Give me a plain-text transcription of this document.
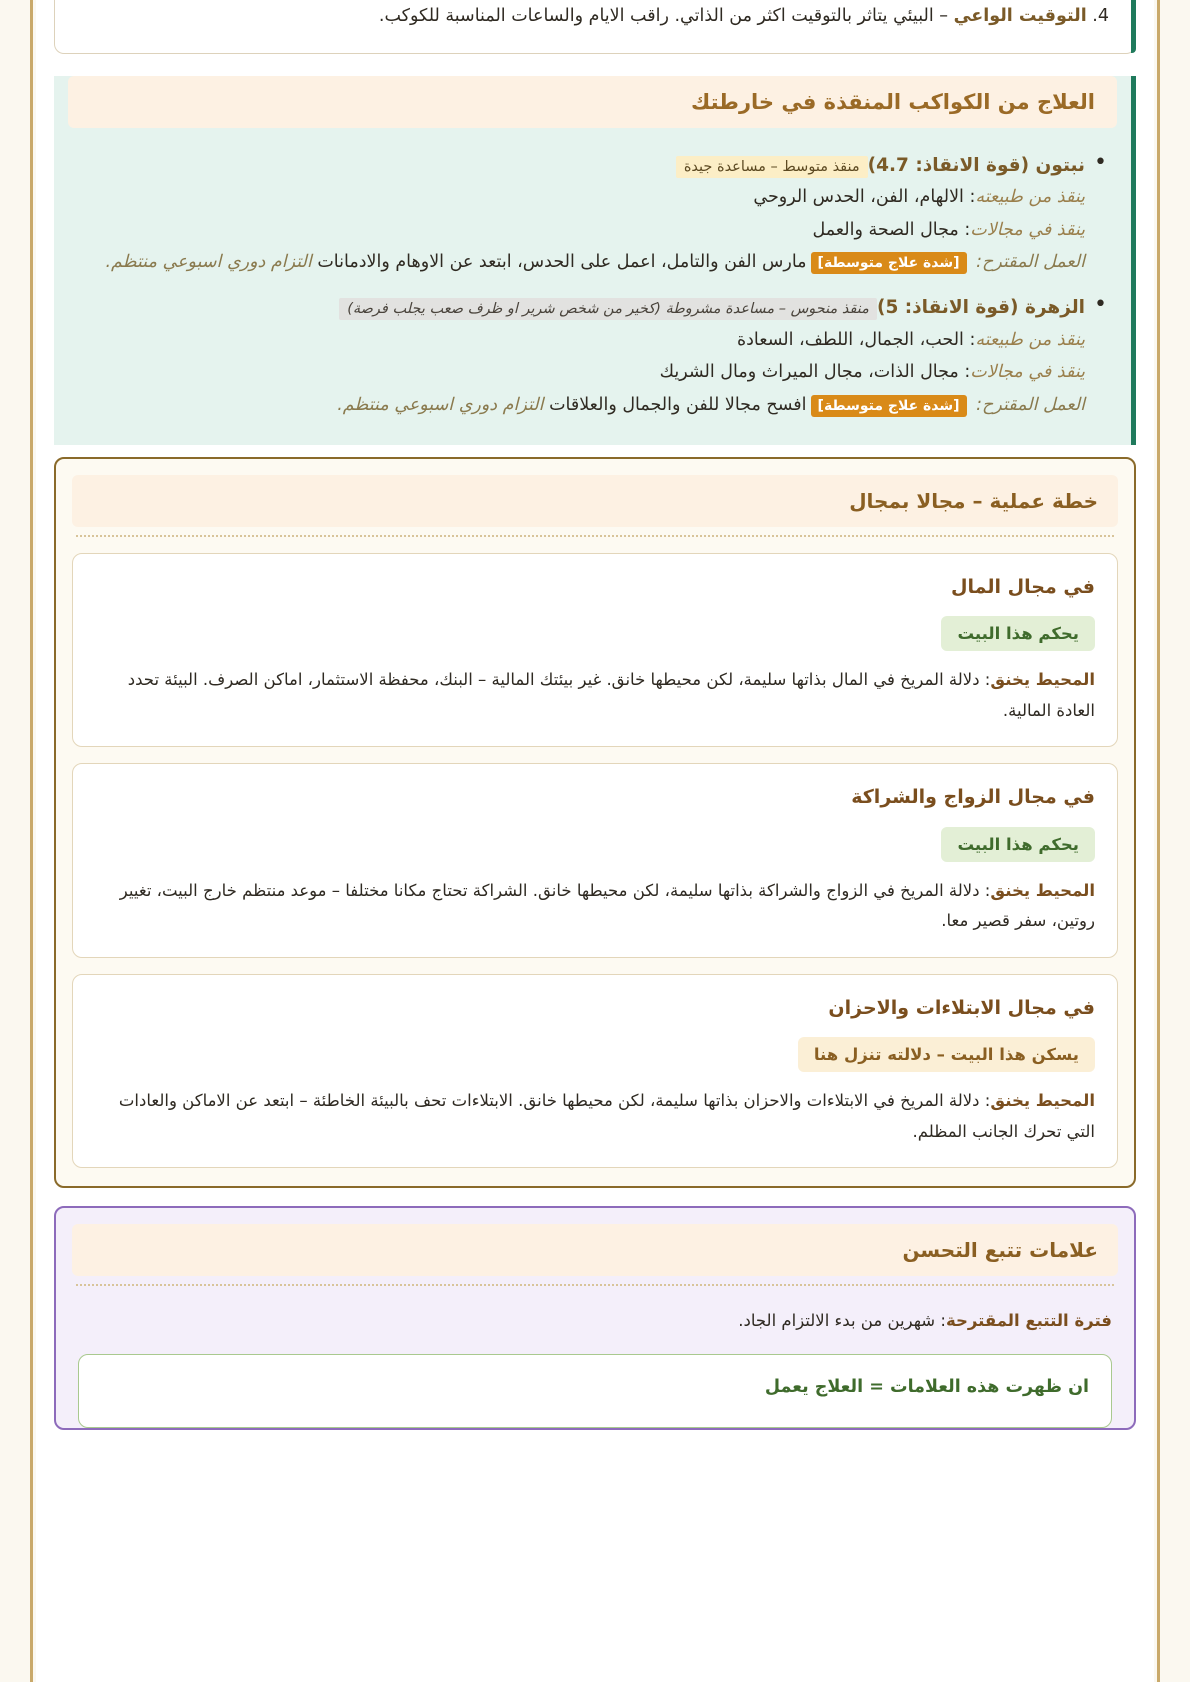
4. التوقيت الواعي – البيئي يتاثر بالتوقيت اكثر من الذاتي. راقب الايام والساعات المناسبة للكوكب.
العلاج من الكواكب المنقذة في خارطتك
• نبتون (قوة الانقاذ: 4.7)منقذ متوسط – مساعدة جيدة
ينقذ من طبيعته: الالهام، الفن، الحدس الروحي
ينقذ في مجالات: مجال الصحة والعمل
العمل المقترح: [شدة علاج متوسطة]مارس الفن والتامل، اعمل على الحدس، ابتعد عن الاوهام والادمانات التزام دوري اسبوعي منتظم.
• الزهرة (قوة الانقاذ: 5)منقذ منحوس – مساعدة مشروطة (كخير من شخص شرير او ظرف صعب يجلب فرصة)
ينقذ من طبيعته: الحب، الجمال، اللطف، السعادة
ينقذ في مجالات: مجال الذات، مجال الميراث ومال الشريك
العمل المقترح: [شدة علاج متوسطة]افسح مجالا للفن والجمال والعلاقات التزام دوري اسبوعي منتظم.
خطة عملية – مجالا بمجال
في مجال المال
يحكم هذا البيت
المحيط يخنق: دلالة المريخ في المال بذاتها سليمة، لكن محيطها خانق. غير بيئتك المالية – البنك، محفظة الاستثمار، اماكن الصرف. البيئة تحدد العادة المالية.
في مجال الزواج والشراكة
يحكم هذا البيت
المحيط يخنق: دلالة المريخ في الزواج والشراكة بذاتها سليمة، لكن محيطها خانق. الشراكة تحتاج مكانا مختلفا – موعد منتظم خارج البيت، تغيير روتين، سفر قصير معا.
في مجال الابتلاءات والاحزان
يسكن هذا البيت – دلالته تنزل هنا
المحيط يخنق: دلالة المريخ في الابتلاءات والاحزان بذاتها سليمة، لكن محيطها خانق. الابتلاءات تحف بالبيئة الخاطئة – ابتعد عن الاماكن والعادات التي تحرك الجانب المظلم.
علامات تتبع التحسن
فترة التتبع المقترحة: شهرين من بدء الالتزام الجاد.
ان ظهرت هذه العلامات = العلاج يعمل
